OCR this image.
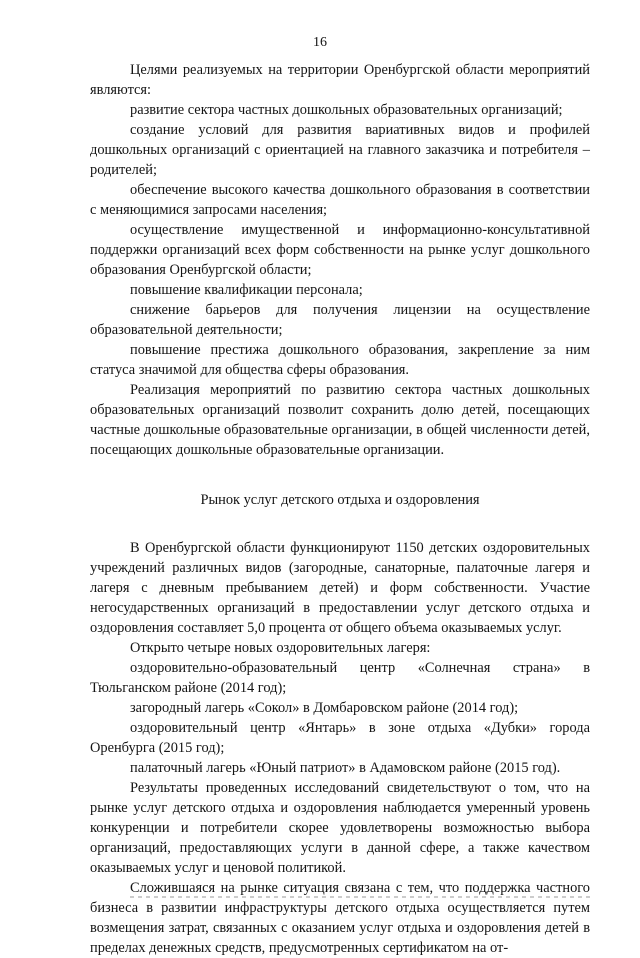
16

Целями реализуемых на территории Оренбургской области мероприятий являются:

развитие сектора частных дошкольных образовательных организаций;

создание условий для развития вариативных видов и профилей дошкольных организаций с ориентацией на главного заказчика и потребителя – родителей;

обеспечение высокого качества дошкольного образования в соответствии с меняющимися запросами населения;

осуществление имущественной и информационно-консультативной поддержки организаций всех форм собственности на рынке услуг дошкольного образования Оренбургской области;

повышение квалификации персонала;

снижение барьеров для получения лицензии на осуществление образовательной деятельности;

повышение престижа дошкольного образования, закрепление за ним статуса значимой для общества сферы образования.

Реализация мероприятий по развитию сектора частных дошкольных образовательных организаций позволит сохранить долю детей, посещающих частные дошкольные образовательные организации, в общей численности детей, посещающих дошкольные образовательные организации.

Рынок услуг детского отдыха и оздоровления

В Оренбургской области функционируют 1150 детских оздоровительных учреждений различных видов (загородные, санаторные, палаточные лагеря и лагеря с дневным пребыванием детей) и форм собственности. Участие негосударственных организаций в предоставлении услуг детского отдыха и оздоровления составляет 5,0 процента от общего объема оказываемых услуг.

Открыто четыре новых оздоровительных лагеря:

оздоровительно-образовательный центр «Солнечная страна» в Тюльганском районе (2014 год);

загородный лагерь «Сокол» в Домбаровском районе (2014 год);

оздоровительный центр «Янтарь» в зоне отдыха «Дубки» города Оренбурга (2015 год);

палаточный лагерь «Юный патриот» в Адамовском районе (2015 год).

Результаты проведенных исследований свидетельствуют о том, что на рынке услуг детского отдыха и оздоровления наблюдается умеренный уровень конкуренции и потребители скорее удовлетворены возможностью выбора организаций, предоставляющих услуги в данной сфере, а также качеством оказываемых услуг и ценовой политикой.

Сложившаяся на рынке ситуация связана с тем, что поддержка частного бизнеса в развитии инфраструктуры детского отдыха осуществляется путем возмещения затрат, связанных с оказанием услуг отдыха и оздоровления детей в пределах денежных средств, предусмотренных сертификатом на от-
